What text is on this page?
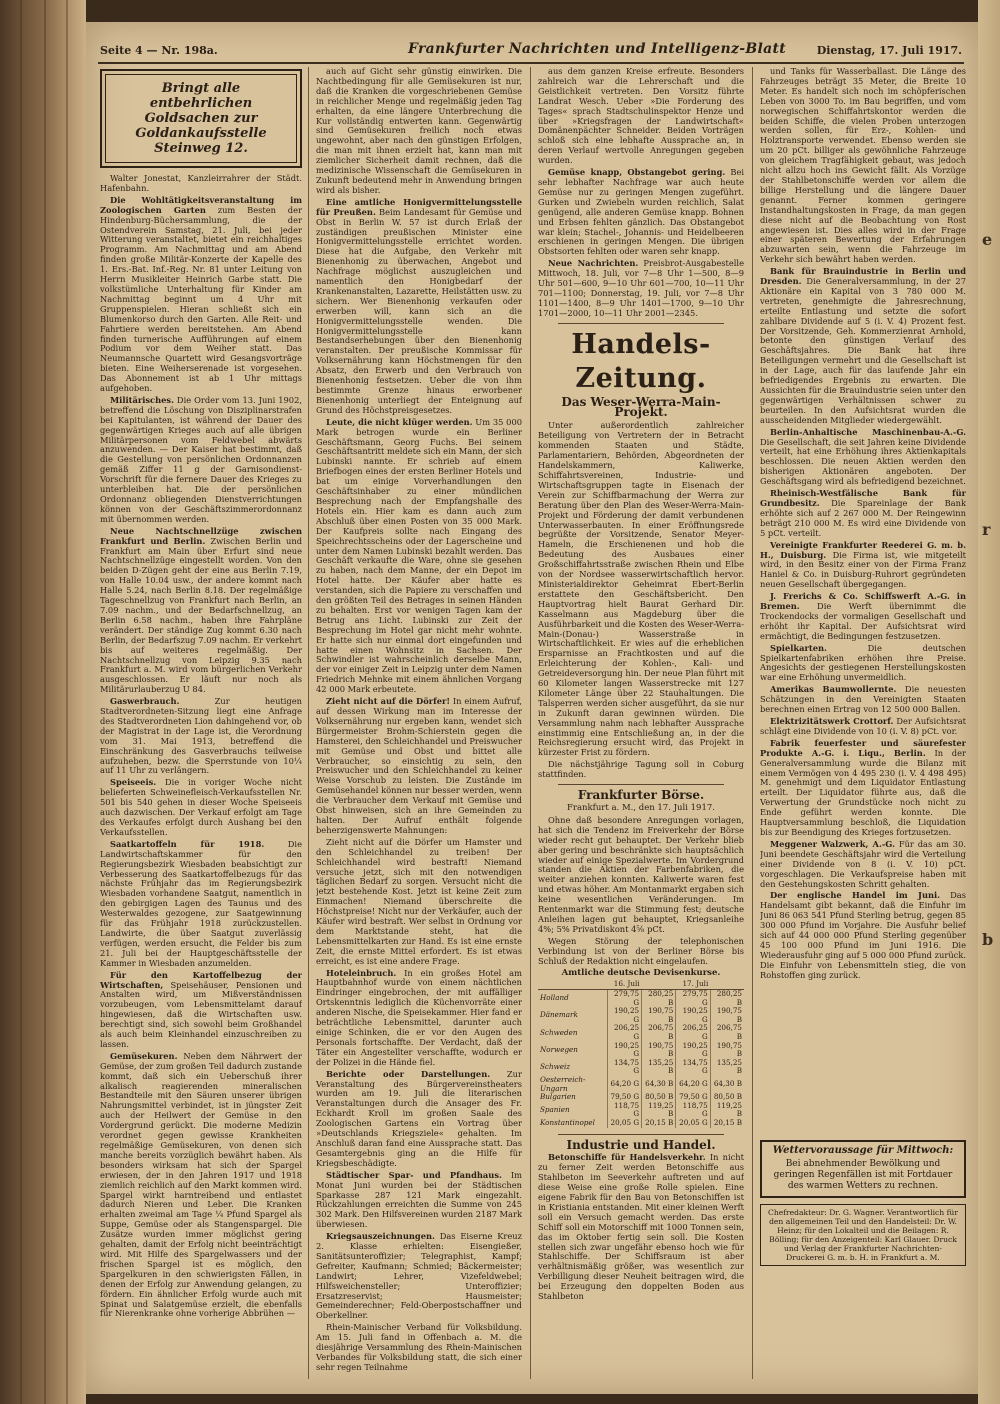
e
r
b
Seite 4 — Nr. 198a.	Frankfurter Nachrichten und Intelligenz-Blatt	Dienstag, 17. Juli 1917.
Bringt alle entbehrlichen Goldsachen zur Goldankaufsstelle Steinweg 12.

Walter Jonestat, Kanzleirrahrer der Städt. Hafenbahn.

Die Wohltätigkeitsveranstaltung im Zoologischen Garten zum Besten der Hindenburg-Büchersammlung, die der Ostendverein Samstag, 21. Juli, bei jeder Witterung veranstaltet, bietet ein reichhaltiges Programm. Am Nachmittag und am Abend finden große Militär-Konzerte der Kapelle des 1. Ers.-Bat. Inf.-Reg. Nr. 81 unter Leitung von Herrn Musikleiter Heinrich Garbe statt. Die volkstümliche Unterhaltung für Kinder am Nachmittag beginnt um 4 Uhr mit Gruppenspielen. Hieran schließt sich ein Blumenkorso durch den Garten. Alle Reit- und Fahrtiere werden bereitstehen. Am Abend finden turnerische Aufführungen auf einem Podium vor dem Weiher statt. Das Neumannsche Quartett wird Gesangsvorträge bieten. Eine Weiherserenade ist vorgesehen. Das Abonnement ist ab 1 Uhr mittags aufgehoben.

Militärisches. Die Order vom 13. Juni 1902, betreffend die Löschung von Disziplinarstrafen bei Kapitulanten, ist während der Dauer des gegenwärtigen Krieges auch auf alle übrigen Militärpersonen vom Feldwebel abwärts anzuwenden. — Der Kaiser hat bestimmt, daß die Gestellung von persönlichen Ordonnanzen gemäß Ziffer 11 g der Garnisondienst-Vorschrift für die fernere Dauer des Krieges zu unterbleiben hat. Die der persönlichen Ordonnanz obliegenden Dienstverrichtungen können von der Geschäftszimmerordonnanz mit übernommen werden.

Neue Nachtschnellzüge zwischen Frankfurt und Berlin. Zwischen Berlin und Frankfurt am Main über Erfurt sind neue Nachtschnellzüge eingestellt worden. Von den beiden D-Zügen geht der eine aus Berlin 7.19, von Halle 10.04 usw., der andere kommt nach Halle 5.24, nach Berlin 8.18. Der regelmäßige Tageschnellzug von Frankfurt nach Berlin, an 7.09 nachm., und der Bedarfschnellzug, an Berlin 6.58 nachm., haben ihre Fahrpläne verändert. Der ständige Zug kommt 6.30 nach Berlin, der Bedarfszug 7.09 nachm. Er verkehrt bis auf weiteres regelmäßig. Der Nachtschnellzug von Leipzig 9.35 nach Frankfurt a. M. wird vom bürgerlichen Verkehr ausgeschlossen. Er läuft nur noch als Militärurlauberzug U 84.

Gaswerbrauch.	Zur heutigen Stadtverordneten-Sitzung liegt eine Anfrage des Stadtverordneten Lion dahingehend vor, ob der Magistrat in der Lage ist, die Verordnung vom 31. Mai 1913, betreffend die Einschränkung des Gasverbrauchs teilweise aufzuheben, bezw. die Sperrstunde von 10¼ auf 11 Uhr zu verlängern.

Speiseeis. Die in voriger Woche nicht belieferten Schweinefleisch-Verkaufsstellen Nr. 501 bis 540 gehen in dieser Woche Speiseeis auch dazwischen. Der Verkauf erfolgt am Tage des Verkaufes erfolgt durch Aushang bei den Verkaufsstellen.

Saatkartoffeln für 1918.	Die Landwirtschaftskammer für den Regierungsbezirk Wiesbaden beabsichtigt zur Verbesserung des Saatkartoffelbezugs für das nächste Frühjahr das im Regierungsbezirk Wiesbaden vorhandene Saatgut, namentlich in den gebirgigen Lagen des Taunus und des Westerwaldes gezogene, zur Saatgewinnung für das Frühjahr 1918 zurückzustellen. Landwirte, die über Saatgut zuverlässig verfügen, werden ersucht, die Felder bis zum 21. Juli bei der Hauptgeschäftsstelle der Kammer in Wiesbaden anzumelden.

Für den Kartoffelbezug der Wirtschaften, Speisehäuser, Pensionen und Anstalten wird, um Mißverständnissen vorzubeugen, vom Lebensmittelamt darauf hingewiesen, daß die Wirtschaften usw. berechtigt sind, sich sowohl beim Großhandel als auch beim Kleinhandel einzuschreiben zu lassen.

Gemüsekuren. Neben dem Nährwert der Gemüse, der zum großen Teil dadurch zustande kommt, daß sich ein Ueberschuß ihrer alkalisch reagierenden mineralischen Bestandteile mit den Säuren unserer übrigen Nahrungsmittel verbindet, ist in jüngster Zeit auch der Heilwert der Gemüse in den Vordergrund gerückt. Die moderne Medizin verordnet gegen gewisse Krankheiten regelmäßige Gemüsekuren, von denen sich manche bereits vorzüglich bewährt haben. Als besonders wirksam hat sich der Spargel erwiesen, der in den Jahren 1917 und 1918 ziemlich reichlich auf den Markt kommen wird. Spargel wirkt harntreibend und entlastet dadurch Nieren und Leber. Die Kranken erhalten zweimal am Tage ¼ Pfund Spargel als Suppe, Gemüse oder als Stangenspargel. Die Zusätze wurden immer möglichst gering gehalten, damit der Erfolg nicht beeinträchtigt wird. Mit Hilfe des Spargelwassers und der frischen Spargel ist es möglich, den Spargelkuren in den schwierigsten Fällen, in denen der Erfolg zur Anwendung gelangen, zu fördern. Ein ähnlicher Erfolg wurde auch mit Spinat und Salatgemüse erzielt, die ebenfalls für Nierenkranke ohne vorherige Abbrühen —

auch auf Gicht sehr günstig einwirken. Die Nachtbedingung für alle Gemüsekuren ist nur, daß die Kranken die vorgeschriebenen Gemüse in reichlicher Menge und regelmäßig jeden Tag erhalten, da eine längere Unterbrechung die Kur vollständig entwerten kann. Gegenwärtig sind Gemüsekuren freilich noch etwas ungewohnt, aber nach den günstigen Erfolgen, die man mit ihnen erzielt hat, kann man mit ziemlicher Sicherheit damit rechnen, daß die medizinische Wissenschaft die Gemüsekuren in Zukunft bedeutend mehr in Anwendung bringen wird als bisher.

Eine amtliche Honigvermittelungsstelle für Preußen. Beim Landesamt für Gemüse und Obst in Berlin W. 57 ist durch Erlaß der zuständigen preußischen Minister eine Honigvermittelungsstelle errichtet worden. Diese hat die Aufgabe, den Verkehr mit Bienenhonig zu überwachen, Angebot und Nachfrage möglichst auszugleichen und namentlich den Honigbedarf der Krankenanstalten, Lazarette, Heilstätten usw. zu sichern. Wer Bienenhonig verkaufen oder erwerben will, kann sich an die Honigvermittelungsstelle wenden. Die Honigvermittelungsstelle kann Bestandserhebungen über den Bienenhonig veranstalten. Der preußische Kommissar für Volksernährung kann Höchstmengen für den Absatz, den Erwerb und den Verbrauch von Bienenhonig festsetzen. Ueber die von ihm bestimmte Grenze hinaus erworbener Bienenhonig unterliegt der Enteignung auf Grund des Höchstpreisgesetzes.

Leute, die nicht klüger werden. Um 35 000 Mark betrogen wurde ein Berliner Geschäftsmann, Georg Fuchs. Bei seinem Geschäftsantritt meldete sich ein Mann, der sich Lubinski nannte. Er schrieb auf einem Briefbogen eines der ersten Berliner Hotels und bat um einige Vorverhandlungen den Geschäftsinhaber zu einer mündlichen Besprechung nach der Empfangshalle des Hotels ein. Hier kam es dann auch zum Abschluß über einen Posten von 35 000 Mark. Der Kaufpreis sollte nach Eingang des Speichrechtsscheins oder der Lagerscheine und unter dem Namen Lubinski bezahlt werden. Das Geschäft verkaufte die Ware, ohne sie gesehen zu haben, nach dem Manne, der ein Depot im Hotel hatte. Der Käufer aber hatte es verstanden, sich die Papiere zu verschaffen und den größten Teil des Betrages in seinen Händen zu behalten. Erst vor wenigen Tagen kam der Betrug ans Licht. Lubinski zur Zeit der Besprechung im Hotel gar nicht mehr wohnte. Er hatte sich nur einmal dort eingefunden und hatte einen Wohnsitz in Sachsen. Der Schwindler ist wahrscheinlich derselbe Mann, der vor einiger Zeit in Leipzig unter dem Namen Friedrich Mehnke mit einem ähnlichen Vorgang 42 000 Mark erbeutete.

Zieht nicht auf die Dörfer! In einem Aufruf, auf dessen Wirkung man im Interesse der Volksernährung nur ergeben kann, wendet sich Bürgermeister Brohm-Schierstein gegen die Hamsterei, den Schleichhandel und Preiswucher mit Gemüse und Obst und bittet alle Verbraucher, so einsichtig zu sein, den Preiswucher und den Schleichhandel zu keiner Weise Vorschub zu leisten. Die Zustände im Gemüsehandel können nur besser werden, wenn die Verbraucher dem Verkauf mit Gemüse und Obst hinweisen, sich an ihre Gemeinden zu halten. Der Aufruf enthält folgende beherzigenswerte Mahnungen:

Zieht nicht auf die Dörfer um Hamster und den Schleichhandel zu treiben! Der Schleichhandel wird bestraft! Niemand versuche jetzt, sich mit den notwendigen täglichen Bedarf zu sorgen. Versucht nicht die jetzt bestehende Kost. Jetzt ist keine Zeit zum Einmachen! Niemand überschreite die Höchstpreise! Nicht nur der Verkäufer, auch der Käufer wird bestraft. Wer selbst in Ordnung vor dem Marktstande steht, hat die Lebensmittelkarten zur Hand. Es ist eine ernste Zeit, die ernste Mittel erfordert. Es ist etwas erreicht, es ist eine andere Frage.

Hoteleinbruch. In ein großes Hotel am Hauptbahnhof wurde von einem nächtlichen Eindringer eingebrochen, der mit auffälliger Ortskenntnis lediglich die Küchenvorräte einer anderen Nische, die Speisekammer. Hier fand er beträchtliche Lebensmittel, darunter auch einige Schinken, die er vor den Augen des Personals fortschaffte. Der Verdacht, daß der Täter ein Angestellter verschaffte, wodurch er der Polizei in die Hände fiel.

Berichte oder Darstellungen. Zur Veranstaltung des Bürgervereinstheaters wurden am 19. Juli die literarischen Veranstaltungen durch die Ansager des Fr. Eckhardt Kroll im großen Saale des Zoologischen Gartens ein Vortrag über »Deutschlands Kriegsziele« gehalten. Im Anschluß daran fand eine Aussprache statt. Das Gesamtergebnis ging an die Hilfe für Kriegsbeschädigte.

Städtischer Spar- und Pfandhaus. Im Monat Juni wurden bei der Städtischen Sparkasse 287 121 Mark eingezahlt. Rückzahlungen erreichten die Summe von 245 302 Mark. Den Hilfsvereinen wurden 2187 Mark überwiesen.

Kriegsauszeichnungen. Das Eiserne Kreuz 2. Klasse erhielten: Eisengießer, Sanitätsunteroffizier; Telegraphist, Kampf; Gefreiter, Kaufmann; Schmied; Bäckermeister; Landwirt; Lehrer, Vizefeldwebel; Hilfsweichensteller; Unteroffizier; Ersatzreservist; Hausmeister; Gemeinderechner; Feld-Oberpostschaffner und Oberkellner.

Rhein-Mainischer Verband für Volksbildung. Am 15. Juli fand in Offenbach a. M. die diesjährige Versammlung des Rhein-Mainischen Verbandes für Volksbildung statt, die sich einer sehr regen Teilnahme

aus dem ganzen Kreise erfreute. Besonders zahlreich war die Lehrerschaft und die Geistlichkeit vertreten. Den Vorsitz führte Landrat Wesch. Ueber »Die Forderung des Tages« sprach Stadtschulinspektor Henze und über »Kriegsfragen der Landwirtschaft« Domänenpächter Schneider. Beiden Vorträgen schloß sich eine lebhafte Aussprache an, in deren Verlauf wertvolle Anregungen gegeben wurden.

Gemüse knapp, Obstangebot gering. Bei sehr lebhafter Nachfrage war auch heute Gemüse nur zu geringen Mengen zugeführt. Gurken und Zwiebeln wurden reichlich, Salat genügend, alle anderen Gemüse knapp. Bohnen und Erbsen fehlten gänzlich. Das Obstangebot war klein; Stachel-, Johannis- und Heidelbeeren erschienen in geringen Mengen. Die übrigen Obstsorten fehlten oder waren sehr knapp.

Neue Nachrichten. Preisbrot-Ausgabestelle Mittwoch, 18. Juli, vor 7—8 Uhr 1—500, 8—9 Uhr 501—600, 9—10 Uhr 601—700, 10—11 Uhr 701—1100; Donnerstag, 19. Juli, vor 7—8 Uhr 1101—1400, 8—9 Uhr 1401—1700, 9—10 Uhr 1701—2000, 10—11 Uhr 2001—2345.

Handels-Zeitung.
Das Weser-Werra-Main-Projekt.

Unter außerordentlich zahlreicher Beteiligung von Vertretern der in Betracht kommenden Staaten und Städte, Parlamentariern, Behörden, Abgeordneten der Handelskammern, Kaliwerke, Schiffahrtsvereinen, Industrie- und Wirtschaftsgruppen tagte in Eisenach der Verein zur Schiffbarmachung der Werra zur Beratung über den Plan des Weser-Werra-Main-Projekt und Förderung der damit verbundenen Unterwasserbauten. In einer Eröffnungsrede begrüßte der Vorsitzende, Senator Meyer-Hameln, die Erschienenen und hob die Bedeutung des Ausbaues einer Großschiffahrtsstraße zwischen Rhein und Elbe von der Nordsee wasserwirtschaftlich hervor. Ministerialdirektor Geheimrat Ebert-Berlin erstattete den Geschäftsbericht. Den Hauptvortrag hielt Baurat Gerhard Dir. Kasselmann aus Magdeburg über die Ausführbarkeit und die Kosten des Weser-Werra-Main-(Donau-) Wasserstraße in Wirtschaftlichkeit. Er wies auf die erheblichen Ersparnisse an Frachtkosten und auf die Erleichterung der Kohlen-, Kali- und Getreideversorgung hin. Der neue Plan führt mit 60 Kilometer langen Wasserstrecke mit 127 Kilometer Länge über 22 Stauhaltungen. Die Talsperren werden sicher ausgeführt, da sie nur in Zukunft daran gewinnen würden. Die Versammlung nahm nach lebhafter Aussprache einstimmig eine Entschließung an, in der die Reichsregierung ersucht wird, das Projekt in kürzester Frist zu fördern.

Die nächstjährige Tagung soll in Coburg stattfinden.

Frankfurter Börse.
Frankfurt a. M., den 17. Juli 1917.

Ohne daß besondere Anregungen vorlagen, hat sich die Tendenz im Freiverkehr der Börse wieder recht gut behauptet. Der Verkehr blieb aber gering und beschränkte sich hauptsächlich wieder auf einige Spezialwerte. Im Vordergrund standen die Aktien der Farbenfabriken, die weiter anziehen konnten. Kaliwerte waren fest und etwas höher. Am Montanmarkt ergaben sich keine wesentlichen Veränderungen. Im Rentenmarkt war die Stimmung fest; deutsche Anleihen lagen gut behauptet, Kriegsanleihe 4%; 5% Privatdiskont 4⅝ pCt.

Wegen Störung der telephonischen Verbindung ist von der Berliner Börse bis Schluß der Redaktion nicht eingelaufen.

Amtliche deutsche Devisenkurse.
	16. Juli		17. Juli	
Holland	279,75 G	280,25 B	279,75 G	280,25 B
Dänemark	190,25 G	190,75 B	190,25 G	190,75 B
Schweden	206,25 G	206,75 B	206,25 G	206,75 B
Norwegen	190,25 G	190,75 B	190,25 G	190,75 B
Schweiz	134,75 G	135,25 B	134,75 G	135,25 B
Oesterreich-Ungarn	64,20 G	64,30 B	64,20 G	64,30 B
Bulgarien	79,50 G	80,50 B	79,50 G	80,50 B
Spanien	118,75 G	119,25 B	118,75 G	119,25 B
Konstantinopel	20,05 G	20,15 B	20,05 G	20,15 B
Industrie und Handel.

Betonschiffe für Handelsverkehr. In nicht zu ferner Zeit werden Betonschiffe aus Stahlbeton im Seeverkehr auftreten und auf diese Weise eine große Rolle spielen. Eine eigene Fabrik für den Bau von Betonschiffen ist in Kristiania entstanden. Mit einer kleinen Werft soll ein Versuch gemacht werden. Das erste Schiff soll ein Motorschiff mit 1000 Tonnen sein, das im Oktober fertig sein soll. Die Kosten stellen sich zwar ungefähr ebenso hoch wie für Stahlschiffe. Der Schiffsraum ist aber verhältnismäßig größer, was wesentlich zur Verbilligung dieser Neuheit beitragen wird, die bei Erzeugung den doppelten Boden aus Stahlbeton

und Tanks für Wasserballast. Die Länge des Fahrzeuges beträgt 35 Meter, die Breite 10 Meter. Es handelt sich noch im schöpferischen Leben von 3000 To. im Bau begriffen, und vom norwegischen Schiffahrtskontor werden die beiden Schiffe, die vielen Proben unterzogen werden sollen, für Erz-, Kohlen- und Holztransporte verwendet. Ebenso werden sie um 20 pCt. billiger als gewöhnliche Fahrzeuge von gleichem Tragfähigkeit gebaut, was jedoch nicht allzu hoch ins Gewicht fällt. Als Vorzüge der Stahlbetonschiffe werden vor allem die billige Herstellung und die längere Dauer genannt. Ferner kommen geringere Instandhaltungskosten in Frage, da man gegen diese nicht auf die Beobachtung von Rost angewiesen ist. Dies alles wird in der Frage einer späteren Bewertung der Erfahrungen abzuwarten sein, wenn die Fahrzeuge im Verkehr sich bewährt haben werden.

Bank für Brauindustrie in Berlin und Dresden. Die Generalversammlung, in der 27 Aktionäre ein Kapital von 3 780 000 M. vertreten, genehmigte die Jahresrechnung, erteilte Entlastung und setzte die sofort zahlbare Dividende auf 5 (i. V. 4) Prozent fest. Der Vorsitzende, Geh. Kommerzienrat Arnhold, betonte den günstigen Verlauf des Geschäftsjahres. Die Bank hat ihre Beteiligungen vermehrt und die Gesellschaft ist in der Lage, auch für das laufende Jahr ein befriedigendes Ergebnis zu erwarten. Die Aussichten für die Brauindustrie seien unter den gegenwärtigen Verhältnissen schwer zu beurteilen. In den Aufsichtsrat wurden die ausscheidenden Mitglieder wiedergewählt.

Berlin-Anhaltische Maschinenbau-A.-G. Die Gesellschaft, die seit Jahren keine Dividende verteilt, hat eine Erhöhung ihres Aktienkapitals beschlossen. Die neuen Aktien werden den bisherigen Aktionären angeboten. Der Geschäftsgang wird als befriedigend bezeichnet.

Rheinisch-Westfälische Bank für Grundbesitz. Die Spareinlage der Bank erhöhte sich auf 2 267 000 M. Der Reingewinn beträgt 210 000 M. Es wird eine Dividende von 5 pCt. verteilt.

Vereinigte Frankfurter Reederei G. m. b. H., Duisburg. Die Firma ist, wie mitgeteilt wird, in den Besitz einer von der Firma Franz Haniel & Co. in Duisburg-Ruhrort gegründeten neuen Gesellschaft übergegangen.

J. Frerichs & Co. Schiffswerft A.-G. in Bremen. Die Werft übernimmt die Trockendocks der vormaligen Gesellschaft und erhöht ihr Kapital. Der Aufsichtsrat wird ermächtigt, die Bedingungen festzusetzen.

Spielkarten.	Die deutschen Spielkartenfabriken erhöhen ihre Preise. Angesichts der gestiegenen Herstellungskosten war eine Erhöhung unvermeidlich.

Amerikas Baumwollernte. Die neuesten Schätzungen in den Vereinigten Staaten berechnen einen Ertrag von 12 500 000 Ballen.

Elektrizitätswerk Crottorf. Der Aufsichtsrat schlägt eine Dividende von 10 (i. V. 8) pCt. vor.

Fabrik feuerfester und säurefester Produkte A.-G. i. Liqu., Berlin. In der Generalversammlung wurde die Bilanz mit einem Vermögen von 4 495 230 (i. V. 4 498 495) M. genehmigt und dem Liquidator Entlastung erteilt. Der Liquidator führte aus, daß die Verwertung der Grundstücke noch nicht zu Ende geführt werden konnte. Die Hauptversammlung beschloß, die Liquidation bis zur Beendigung des Krieges fortzusetzen.

Meggener Walzwerk, A.-G. Für das am 30. Juni beendete Geschäftsjahr wird die Verteilung einer Dividende von 8 (i. V. 10) pCt. vorgeschlagen. Die Verkaufspreise haben mit den Gestehungskosten Schritt gehalten.

Der englische Handel im Juni. Das Handelsamt gibt bekannt, daß die Einfuhr im Juni 86 063 541 Pfund Sterling betrug, gegen 85 300 000 Pfund im Vorjahre. Die Ausfuhr belief sich auf 44 000 000 Pfund Sterling gegenüber 45 100 000 Pfund im Juni 1916. Die Wiederausfuhr ging auf 5 000 000 Pfund zurück. Die Einfuhr von Lebensmitteln stieg, die von Rohstoffen ging zurück.

Wettervoraussage für Mittwoch:
Bei abnehmender Bewölkung und geringen Regenfällen ist mit Fortdauer des warmen Wetters zu rechnen.
Chefredakteur: Dr. G. Wagner. Verantwortlich für den allgemeinen Teil und den Handelsteil: Dr. W. Heinz; für den Lokalteil und die Beilagen: R. Bölling; für den Anzeigenteil: Karl Glauer. Druck und Verlag der Frankfurter Nachrichten-Druckerei G. m. b. H. in Frankfurt a. M.
